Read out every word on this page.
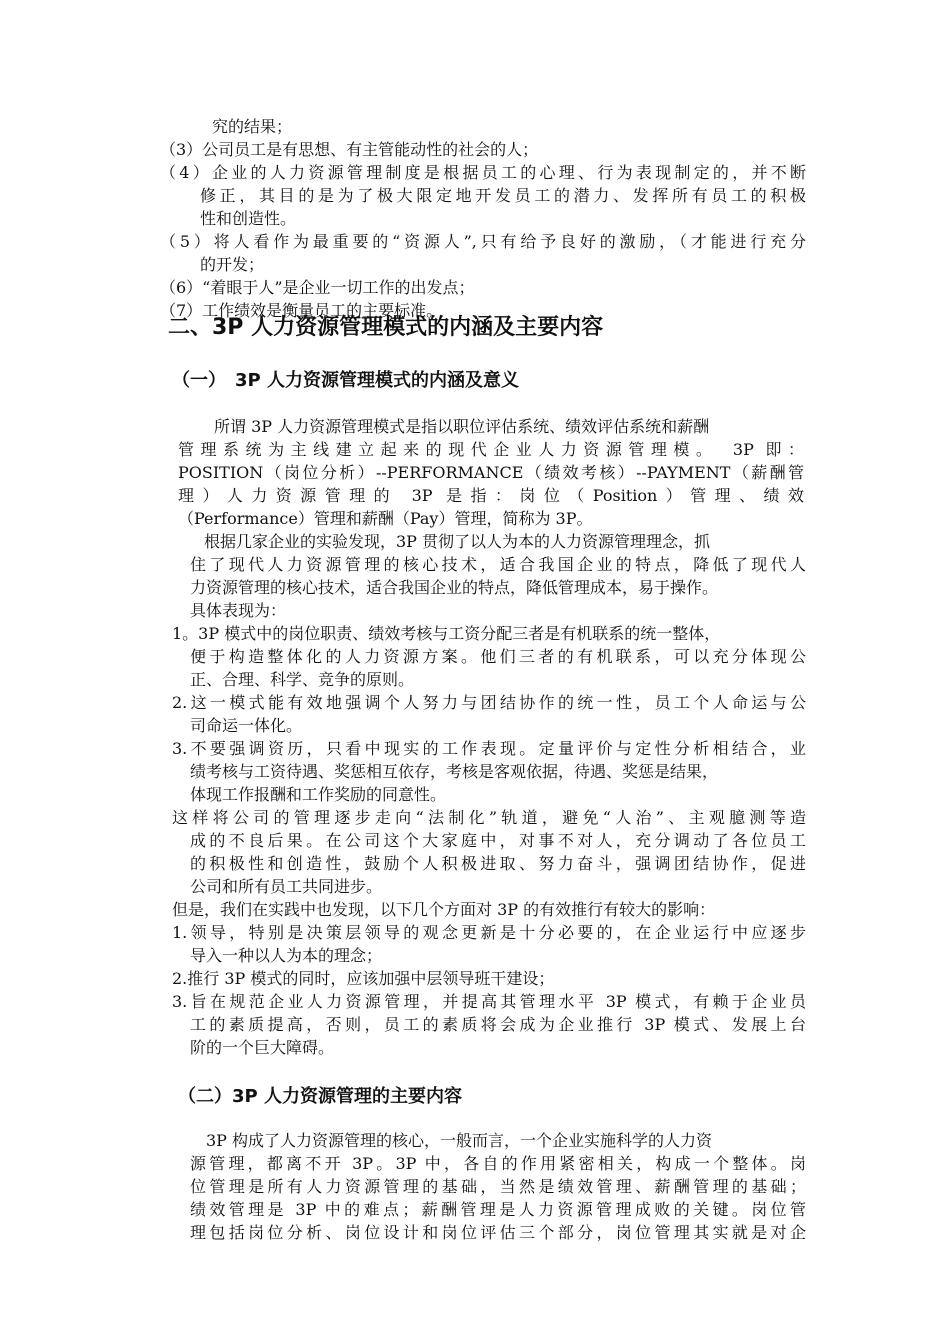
究的结果；
（3）公司员工是有思想、有主管能动性的社会的人；
（4）企业的人力资源管理制度是根据员工的心理、行为表现制定的，并不断
修正，其目的是为了极大限定地开发员工的潜力、发挥所有员工的积极
性和创造性。
（5）将人看作为最重要的“资源人”,只有给予良好的激励，（才能进行充分
的开发；
（6）“着眼于人”是企业一切工作的出发点；
（7）工作绩效是衡量员工的主要标准。
二、3P 人力资源管理模式的内涵及主要内容
（一）　3P 人力资源管理模式的内涵及意义
所谓 3P 人力资源管理模式是指以职位评估系统、绩效评估系统和薪酬
管理系统为主线建立起来的现代企业人力资源管理模。　3P 即：
POSITION（岗位分析）--PERFORMANCE（绩效考核）--PAYMENT（薪酬管
理）人力资源管理的 3P 是指：岗位（Position）管理、绩效
（Performance）管理和薪酬（Pay）管理，简称为 3P。
根据几家企业的实验发现，3P 贯彻了以人为本的人力资源管理理念，抓
住了现代人力资源管理的核心技术，适合我国企业的特点，降低了现代人
力资源管理的核心技术，适合我国企业的特点，降低管理成本，易于操作。
具体表现为：
1。3P 模式中的岗位职责、绩效考核与工资分配三者是有机联系的统一整体，
便于构造整体化的人力资源方案。他们三者的有机联系，可以充分体现公
正、合理、科学、竞争的原则。
2.这一模式能有效地强调个人努力与团结协作的统一性，员工个人命运与公
司命运一体化。
3.不要强调资历，只看中现实的工作表现。定量评价与定性分析相结合，业
绩考核与工资待遇、奖惩相互依存，考核是客观依据，待遇、奖惩是结果，
体现工作报酬和工作奖励的同意性。
这样将公司的管理逐步走向“法制化”轨道，避免“人治”、主观臆测等造
成的不良后果。在公司这个大家庭中，对事不对人，充分调动了各位员工
的积极性和创造性，鼓励个人积极进取、努力奋斗，强调团结协作，促进
公司和所有员工共同进步。
但是，我们在实践中也发现，以下几个方面对 3P 的有效推行有较大的影响：
1.领导，特别是决策层领导的观念更新是十分必要的，在企业运行中应逐步
导入一种以人为本的理念；
2.推行 3P 模式的同时，应该加强中层领导班干建设；
3.旨在规范企业人力资源管理，并提高其管理水平 3P 模式，有赖于企业员
工的素质提高，否则，员工的素质将会成为企业推行 3P 模式、发展上台
阶的一个巨大障碍。
（二）3P 人力资源管理的主要内容
3P 构成了人力资源管理的核心，一般而言，一个企业实施科学的人力资
源管理，都离不开 3P。3P 中，各自的作用紧密相关，构成一个整体。岗
位管理是所有人力资源管理的基础，当然是绩效管理、薪酬管理的基础；
绩效管理是 3P 中的难点；薪酬管理是人力资源管理成败的关键。岗位管
理包括岗位分析、岗位设计和岗位评估三个部分，岗位管理其实就是对企
